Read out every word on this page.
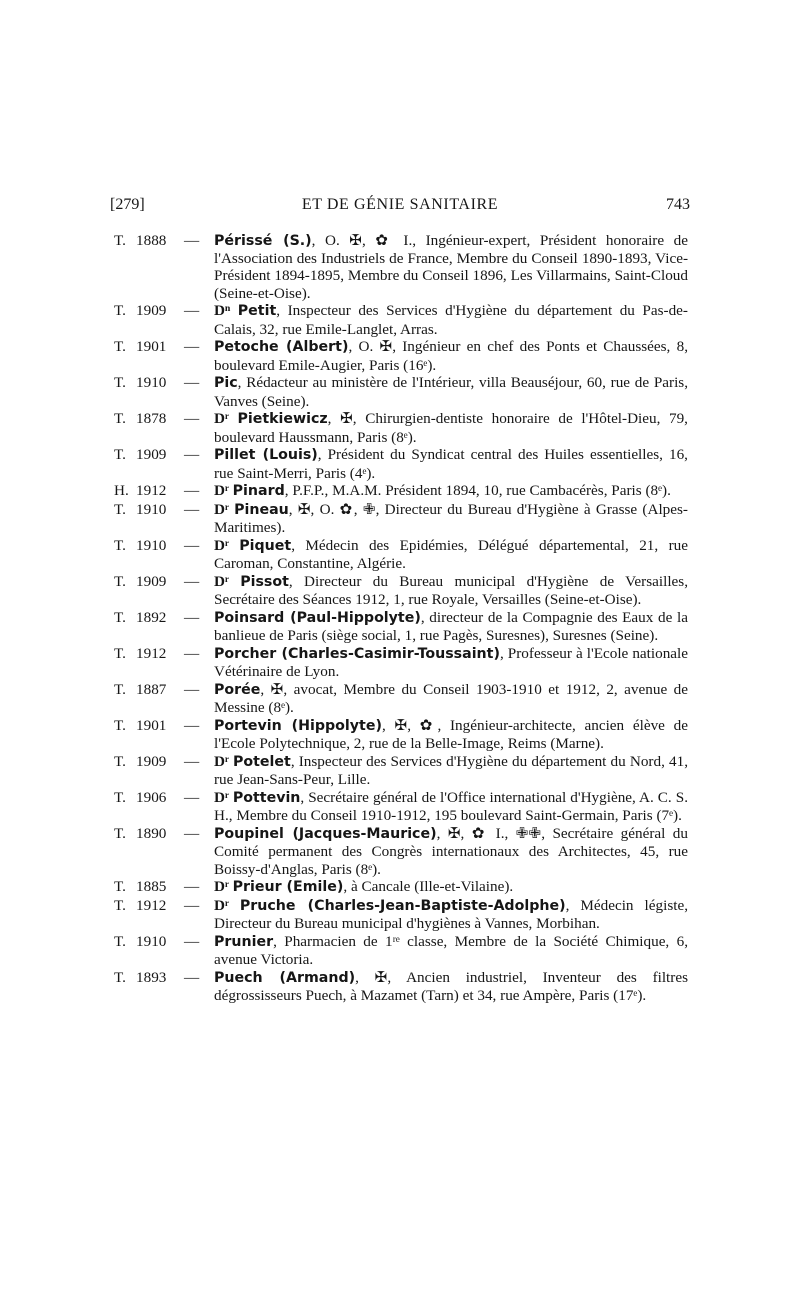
[279]	ET DE GÉNIE SANITAIRE	743
T. 1888	— Périssé (S.), O. ✠, ✿ I., Ingénieur-expert, Président honoraire de l'Association des Industriels de France, Membre du Conseil 1890-1893, Vice-Président 1894-1895, Membre du Conseil 1896, Les Villarmains, Saint-Cloud (Seine-et-Oise).
T. 1909	— Dⁿ Petit, Inspecteur des Services d'Hygiène du département du Pas-de-Calais, 32, rue Emile-Langlet, Arras.
T. 1901	— Petoche (Albert), O. ✠, Ingénieur en chef des Ponts et Chaussées, 8, boulevard Emile-Augier, Paris (16ᵉ).
T. 1910	— Pic, Rédacteur au ministère de l'Intérieur, villa Beauséjour, 60, rue de Paris, Vanves (Seine).
T. 1878	— Dʳ Pietkiewicz, ✠, Chirurgien-dentiste honoraire de l'Hôtel-Dieu, 79, boulevard Haussmann, Paris (8ᵉ).
T. 1909	— Pillet (Louis), Président du Syndicat central des Huiles essentielles, 16, rue Saint-Merri, Paris (4ᵉ).
H. 1912	— Dʳ Pinard, P.F.P., M.A.M. Président 1894, 10, rue Cambacérès, Paris (8ᵉ).
T. 1910	— Dʳ Pineau, ✠, O. ✿, ✙, Directeur du Bureau d'Hygiène à Grasse (Alpes-Maritimes).
T. 1910	— Dʳ Piquet, Médecin des Epidémies, Délégué départemental, 21, rue Caroman, Constantine, Algérie.
T. 1909	— Dʳ Pissot, Directeur du Bureau municipal d'Hygiène de Versailles, Secrétaire des Séances 1912, 1, rue Royale, Versailles (Seine-et-Oise).
T. 1892	— Poinsard (Paul-Hippolyte), directeur de la Compagnie des Eaux de la banlieue de Paris (siège social, 1, rue Pagès, Suresnes), Suresnes (Seine).
T. 1912	— Porcher (Charles-Casimir-Toussaint), Professeur à l'Ecole nationale Vétérinaire de Lyon.
T. 1887	— Porée, ✠, avocat, Membre du Conseil 1903-1910 et 1912, 2, avenue de Messine (8ᵉ).
T. 1901	— Portevin (Hippolyte), ✠, ✿, Ingénieur-architecte, ancien élève de l'Ecole Polytechnique, 2, rue de la Belle-Image, Reims (Marne).
T. 1909	— Dʳ Potelet, Inspecteur des Services d'Hygiène du département du Nord, 41, rue Jean-Sans-Peur, Lille.
T. 1906	— Dʳ Pottevin, Secrétaire général de l'Office international d'Hygiène, A. C. S. H., Membre du Conseil 1910-1912, 195 boulevard Saint-Germain, Paris (7ᵉ).
T. 1890	— Poupinel (Jacques-Maurice), ✠, ✿ I., ✙✙, Secrétaire général du Comité permanent des Congrès internationaux des Architectes, 45, rue Boissy-d'Anglas, Paris (8ᵉ).
T. 1885	— Dʳ Prieur (Emile), à Cancale (Ille-et-Vilaine).
T. 1912	— Dʳ Pruche (Charles-Jean-Baptiste-Adolphe), Médecin légiste, Directeur du Bureau municipal d'hygiènes à Vannes, Morbihan.
T. 1910	— Prunier, Pharmacien de 1ʳᵉ classe, Membre de la Société Chimique, 6, avenue Victoria.
T. 1893	— Puech (Armand), ✠, Ancien industriel, Inventeur des filtres dégrossisseurs Puech, à Mazamet (Tarn) et 34, rue Ampère, Paris (17ᵉ).
